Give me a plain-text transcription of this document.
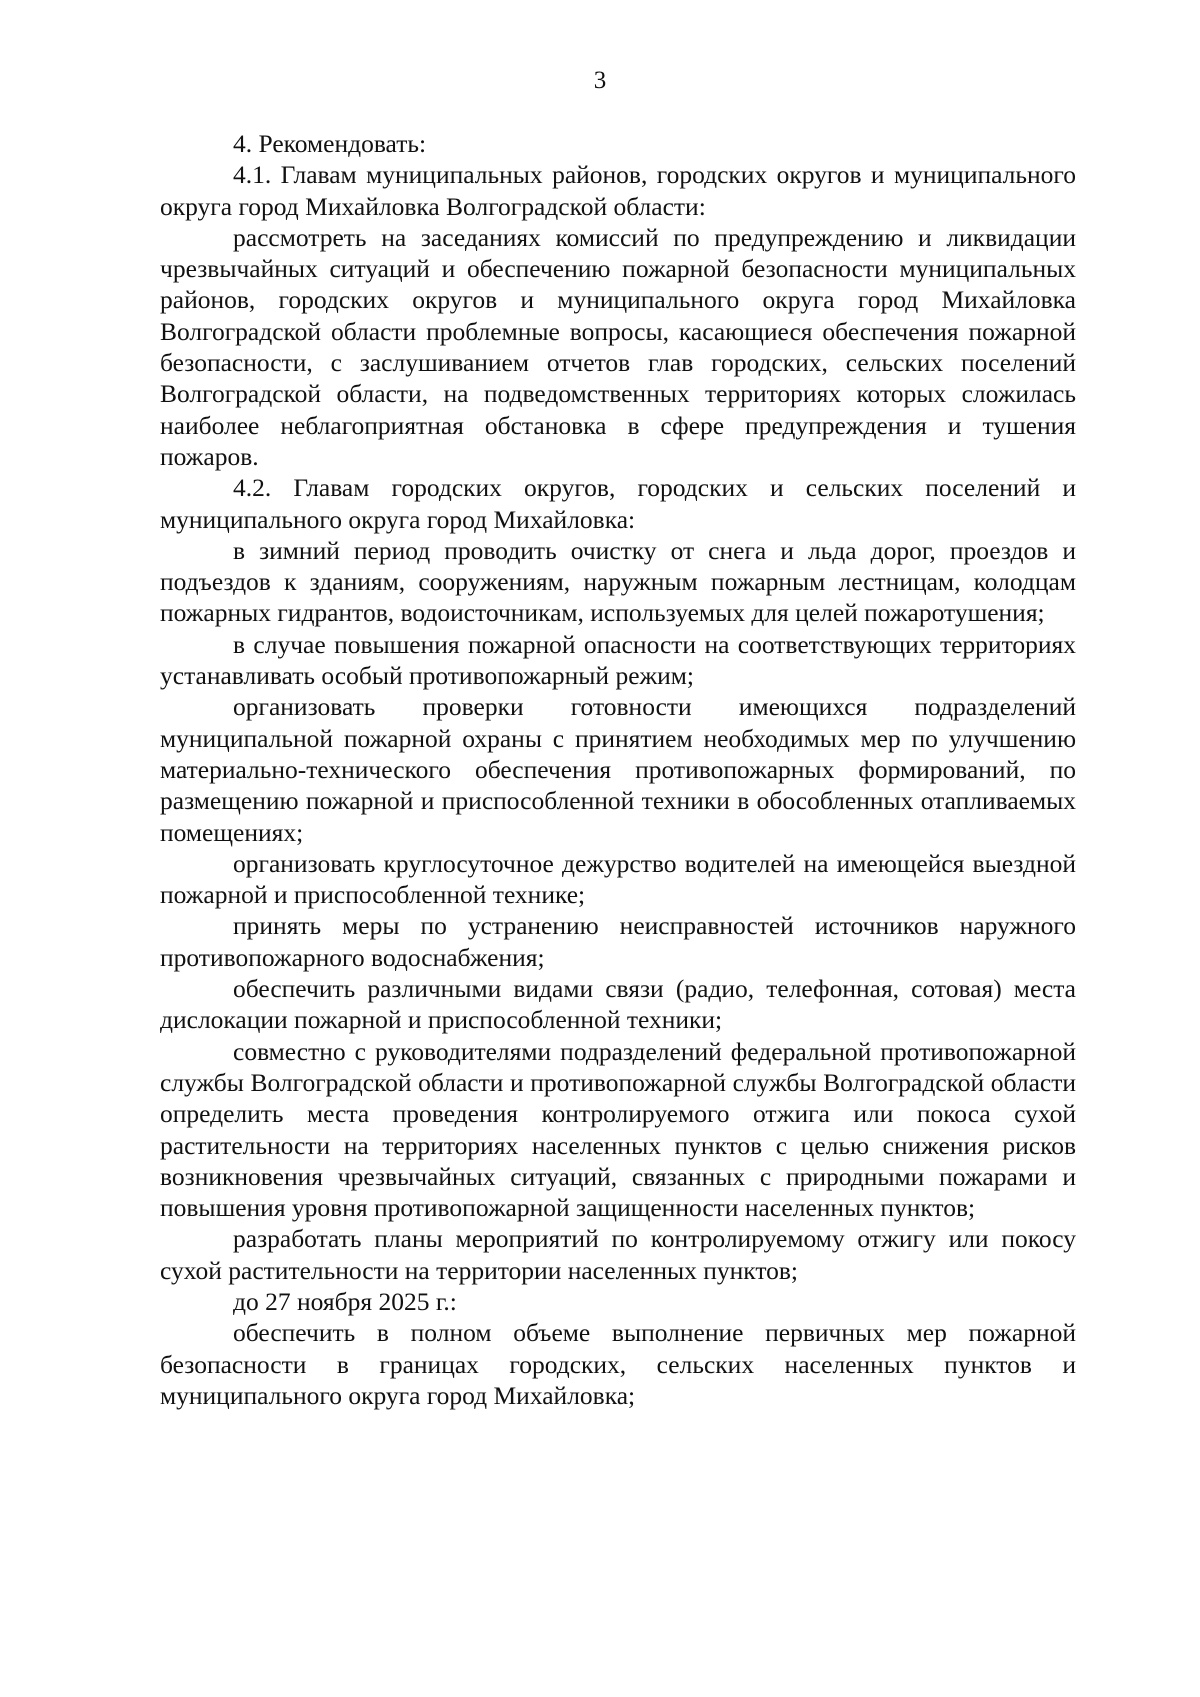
3

4. Рекомендовать:

4.1. Главам муниципальных районов, городских округов и муниципального округа город Михайловка Волгоградской области:

рассмотреть на заседаниях комиссий по предупреждению и ликвидации чрезвычайных ситуаций и обеспечению пожарной безопасности муниципальных районов, городских округов и муниципального округа город Михайловка Волгоградской области проблемные вопросы, касающиеся обеспечения пожарной безопасности, с заслушиванием отчетов глав городских, сельских поселений Волгоградской области, на подведомственных территориях которых сложилась наиболее неблагоприятная обстановка в сфере предупреждения и тушения пожаров.

4.2. Главам городских округов, городских и сельских поселений и муниципального округа город Михайловка:

в зимний период проводить очистку от снега и льда дорог, проездов и подъездов к зданиям, сооружениям, наружным пожарным лестницам, колодцам пожарных гидрантов, водоисточникам, используемых для целей пожаротушения;

в случае повышения пожарной опасности на соответствующих территориях устанавливать особый противопожарный режим;

организовать проверки готовности имеющихся подразделений муниципальной пожарной охраны с принятием необходимых мер по улучшению материально-технического обеспечения противопожарных формирований, по размещению пожарной и приспособленной техники в обособленных отапливаемых помещениях;

организовать круглосуточное дежурство водителей на имеющейся выездной пожарной и приспособленной технике;

принять меры по устранению неисправностей источников наружного противопожарного водоснабжения;

обеспечить различными видами связи (радио, телефонная, сотовая) места дислокации пожарной и приспособленной техники;

совместно с руководителями подразделений федеральной противопожарной службы Волгоградской области и противопожарной службы Волгоградской области определить места проведения контролируемого отжига или покоса сухой растительности на территориях населенных пунктов с целью снижения рисков возникновения чрезвычайных ситуаций, связанных с природными пожарами и повышения уровня противопожарной защищенности населенных пунктов;

разработать планы мероприятий по контролируемому отжигу или покосу сухой растительности на территории населенных пунктов;

до 27 ноября 2025 г.:

обеспечить в полном объеме выполнение первичных мер пожарной безопасности в границах городских, сельских населенных пунктов и муниципального округа город Михайловка;
